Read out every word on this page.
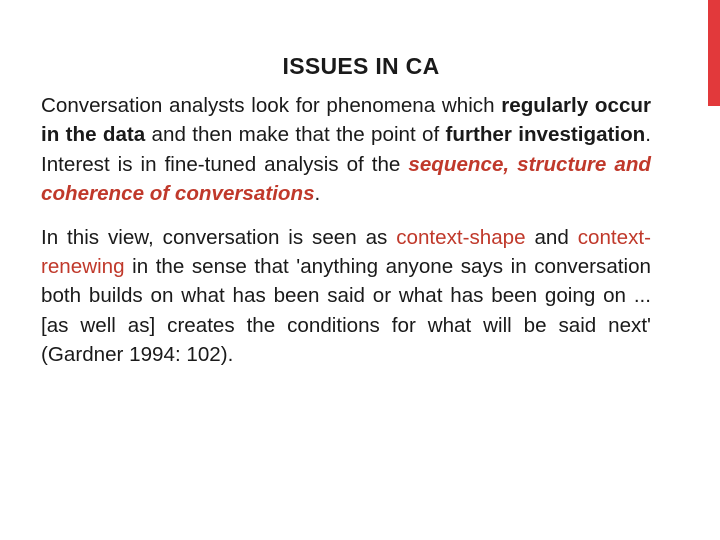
ISSUES IN CA

Conversation analysts look for phenomena which regularly occur in the data and then make that the point of further investigation. Interest is in fine-tuned analysis of the sequence, structure and coherence of conversations.

In this view, conversation is seen as context-shape and context-renewing in the sense that 'anything anyone says in conversation both builds on what has been said or what has been going on ... [as well as] creates the conditions for what will be said next' (Gardner 1994: 102).
